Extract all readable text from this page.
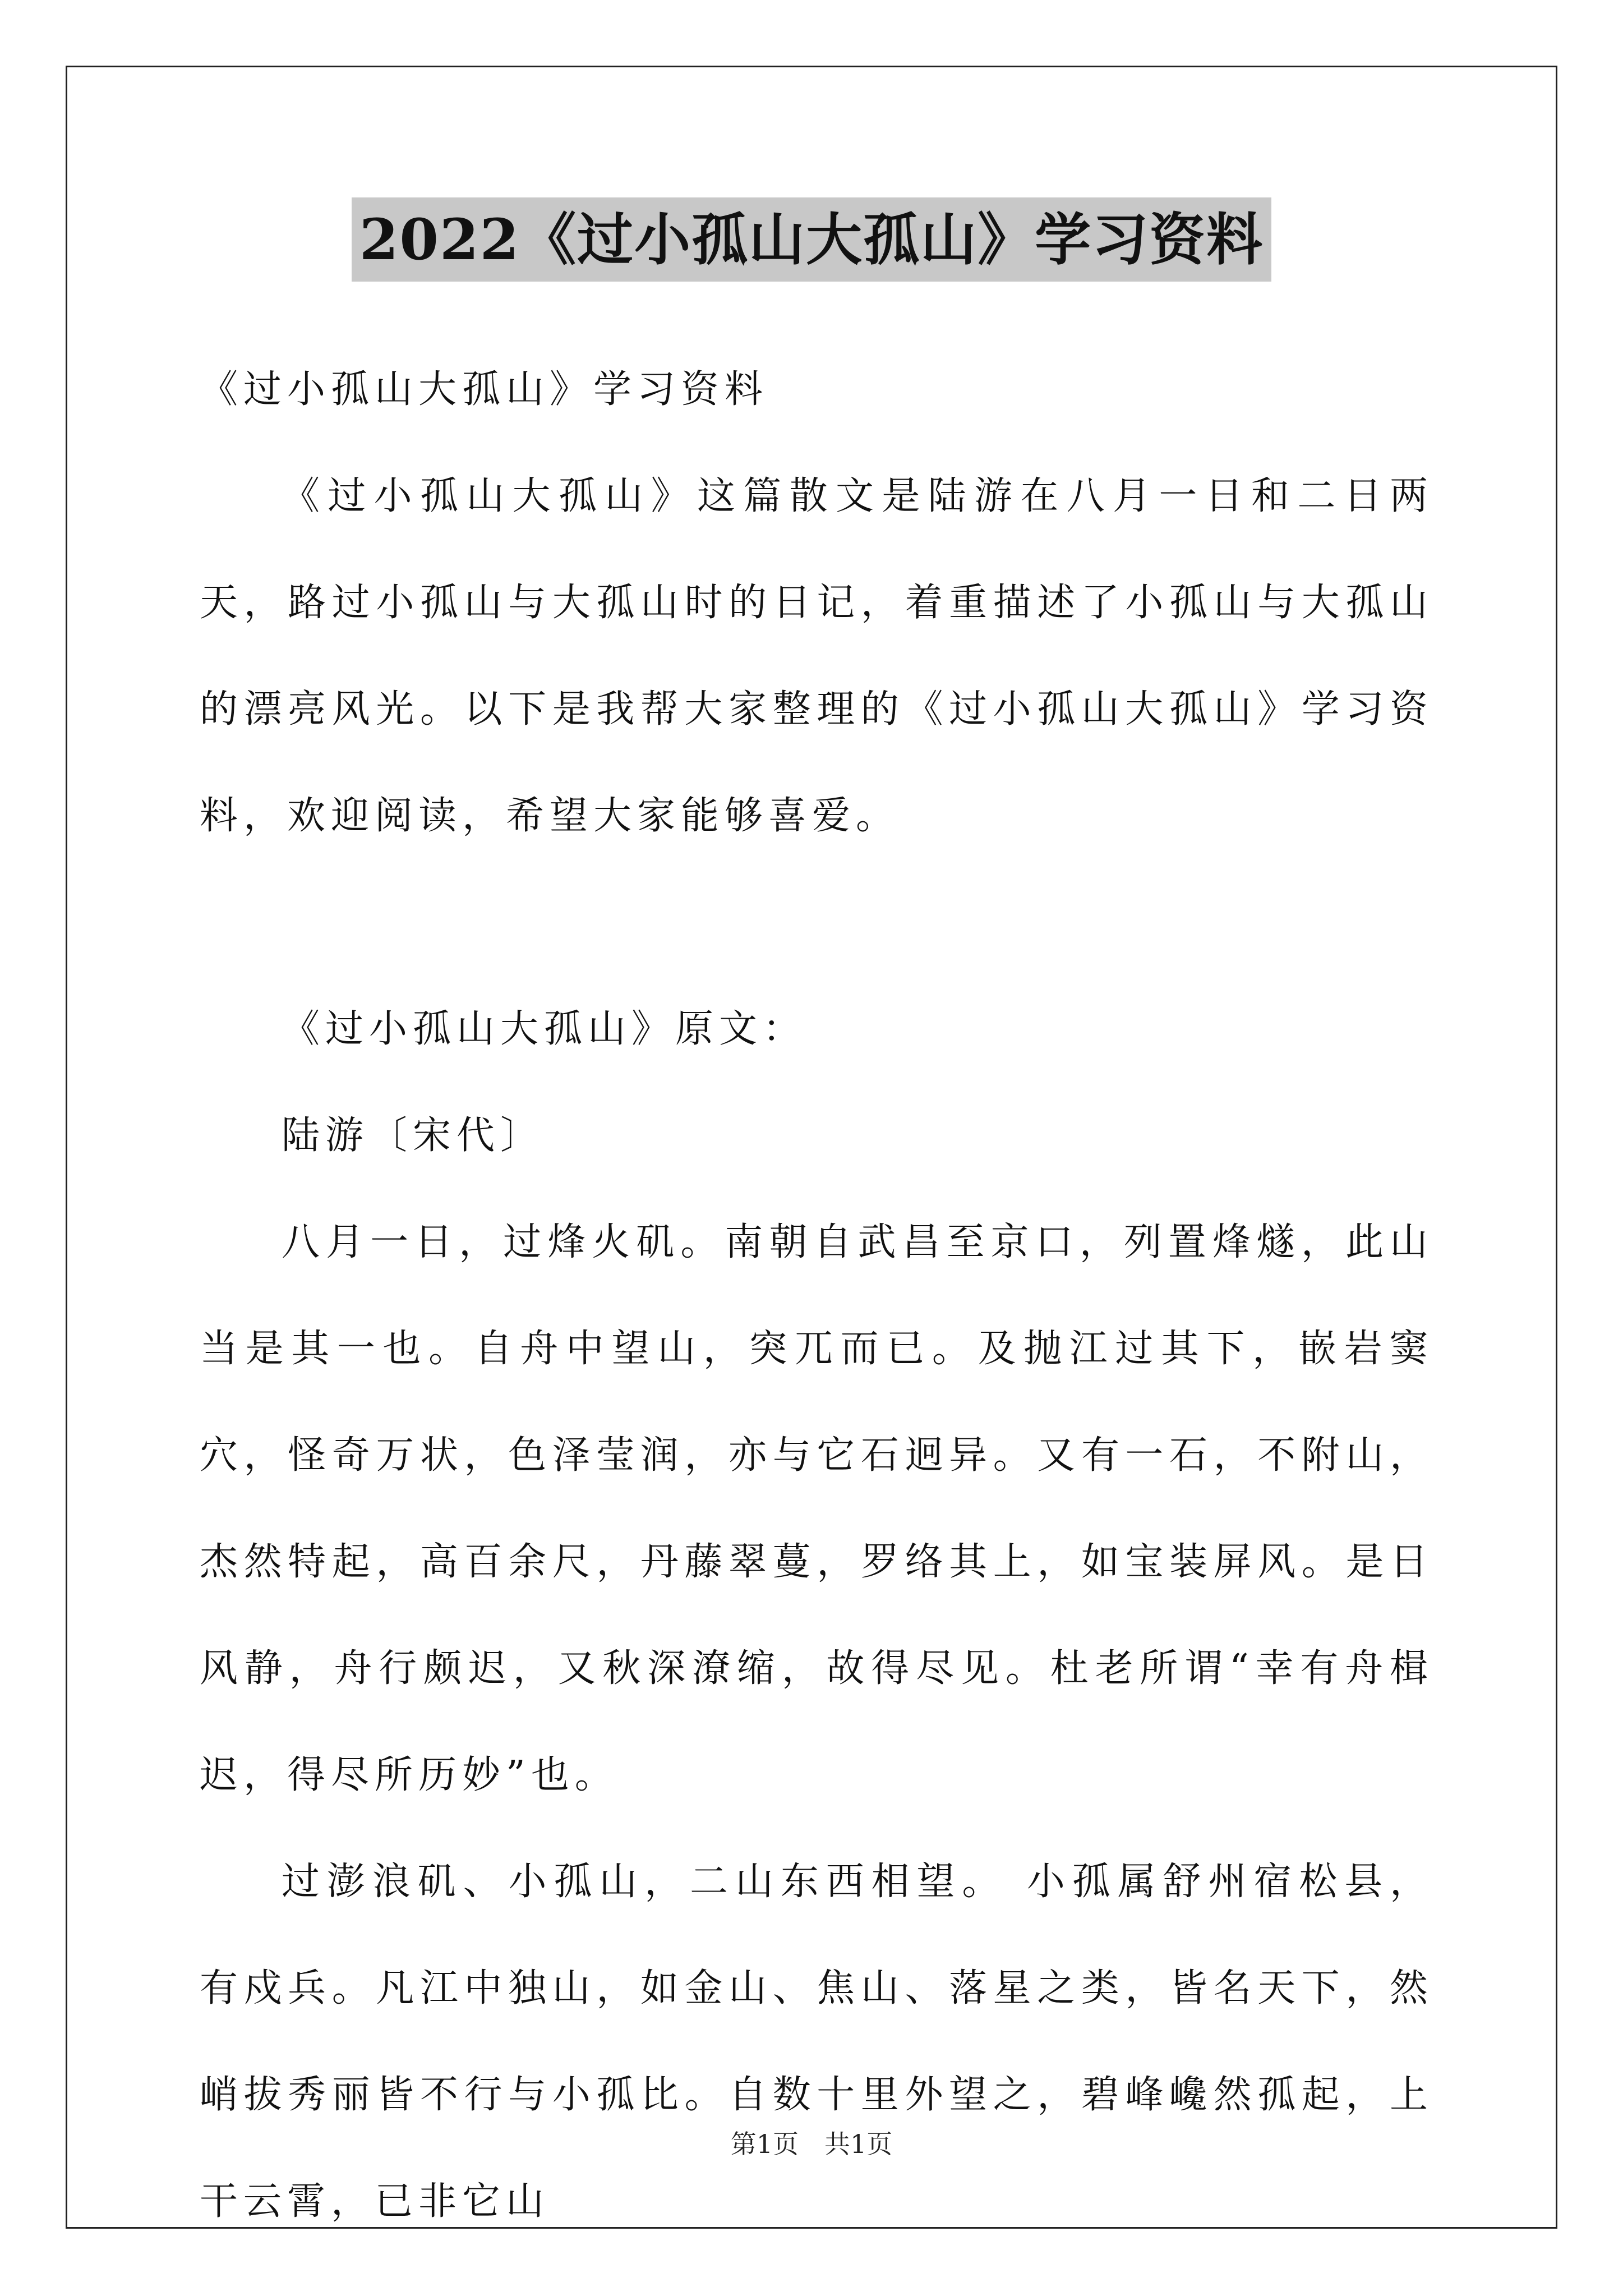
2022《过小孤山大孤山》学习资料

《过小孤山大孤山》学习资料

《过小孤山大孤山》这篇散文是陆游在八月一日和二日两天，路过小孤山与大孤山时的日记，着重描述了小孤山与大孤山的漂亮风光。以下是我帮大家整理的《过小孤山大孤山》学习资料，欢迎阅读，希望大家能够喜爱。

《过小孤山大孤山》原文：

陆游〔宋代〕

八月一日，过烽火矶。南朝自武昌至京口，列置烽燧，此山当是其一也。自舟中望山，突兀而已。及抛江过其下，嵌岩窦穴，怪奇万状，色泽莹润，亦与它石迥异。又有一石，不附山，杰然特起，高百余尺，丹藤翠蔓，罗络其上，如宝装屏风。是日风静，舟行颇迟，又秋深潦缩，故得尽见。杜老所谓“幸有舟楫迟，得尽所历妙”也。

过澎浪矶、小孤山，二山东西相望。 小孤属舒州宿松县，有戍兵。凡江中独山，如金山、焦山、落星之类，皆名天下，然峭拔秀丽皆不行与小孤比。自数十里外望之，碧峰巉然孤起，上干云霄，已非它山

第1页 共1页
